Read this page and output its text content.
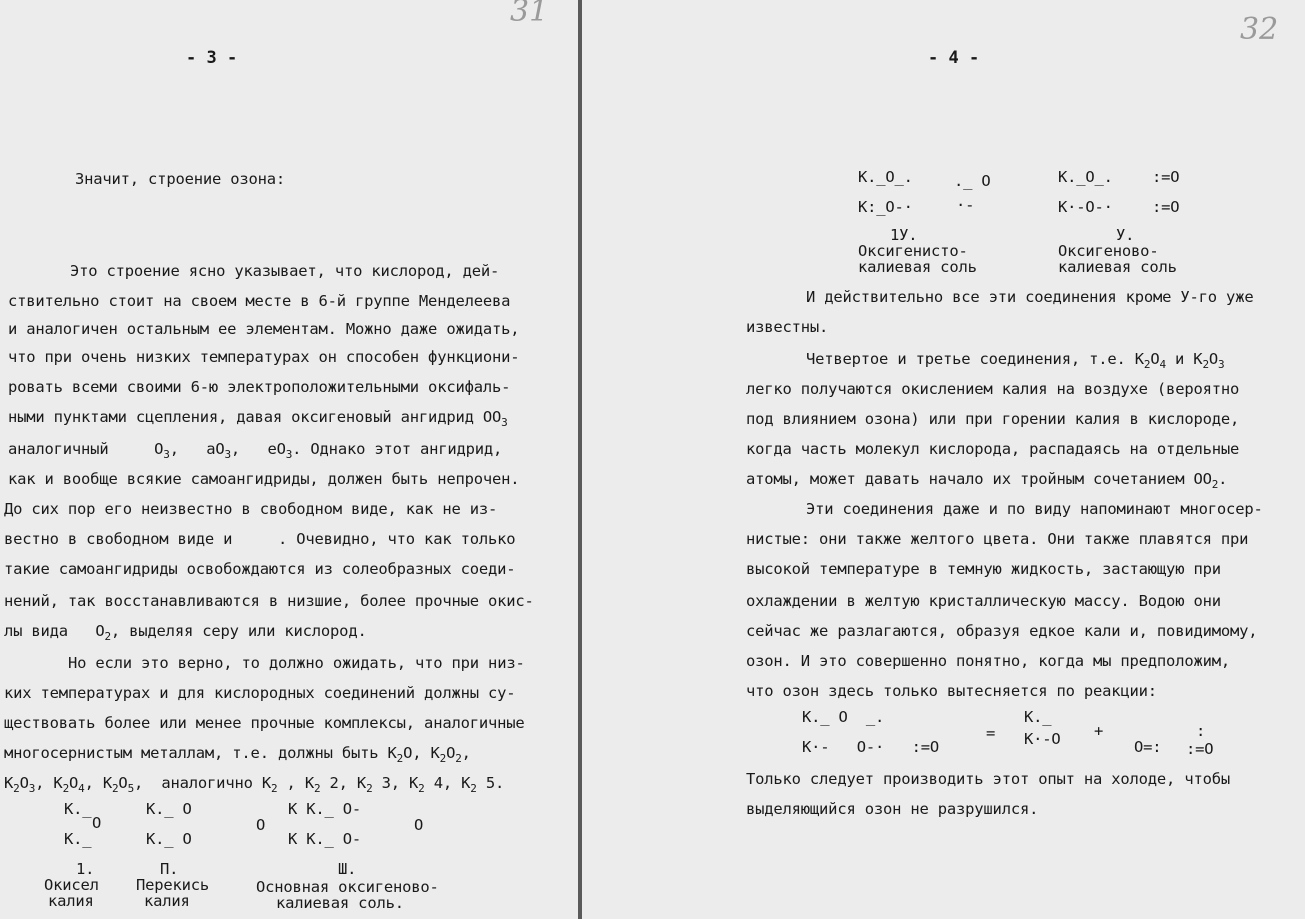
31
- 3 -
Значит, строение озона:
Это строение ясно указывает, что кислород, дей-
ствительно стоит на своем месте в 6-й группе Менделеева
и аналогичен остальным ее элементам. Можно даже ожидать,
что при очень низких температурах он способен функциони-
ровать всеми своими 6-ю электроположительными оксифаль-
ными пунктами сцепления, давая оксигеновый ангидрид $OO_3$
аналогичный     $O_3$,   $aO_3$,   $eO_3$. Однако этот ангидрид,
как и вообще всякие самоангидриды, должен быть непрочен.
До сих пор его неизвестно в свободном виде, как не из-
вестно в свободном виде и     . Очевидно, что как только
такие самоангидриды освобождаются из солеобразных соеди-
нений, так восстанавливаются в низшие, более прочные окис-
лы вида   $O_2$, выделяя серу или кислород.
Но если это верно, то должно ожидать, что при низ-
ких температурах и для кислородных соединений должны су-
ществовать более или менее прочные комплексы, аналогичные
многосернистым металлам, т.е. должны быть $K_2O$, $K_2O_2$,
$K_2O_3$, $K_2O_4$, $K_2O_5$,  аналогично $K_2$ , $K_2$ 2, $K_2$ 3, $K_2$ 4, $K_2$ 5.
K._
O
K._
K._ O
K._ O
O
K K._ O-
K K._ O-
O
1.	П.	Ш.
Окисел
калия
Перекись
калия
Основная оксигеново-
калиевая соль.
32
- 4 -
K._O_.	._ O
K:_O-·	·-
K._O_.	:=O
K·-O-·	:=O
1У.	У.
Оксигенисто-
калиевая соль
Оксигеново-
калиевая соль
И действительно все эти соединения кроме У-го уже
известны.
Четвертое и третье соединения, т.е. $K_2O_4$ и $K_2O_3$
легко получаются окислением калия на воздухе (вероятно
под влиянием озона) или при горении калия в кислороде,
когда часть молекул кислорода, распадаясь на отдельные
атомы, может давать начало их тройным сочетанием $OO_2$.
Эти соединения даже и по виду напоминают многосер-
нистые: они также желтого цвета. Они также плавятся при
высокой температуре в темную жидкость, застающую при
охлаждении в желтую кристаллическую массу. Водою они
сейчас же разлагаются, образуя едкое кали и, повидимому,
озон. И это совершенно понятно, когда мы предположим,
что озон здесь только вытесняется по реакции:
K._ O  _.
K·-   O-·   :=O
=
K._
K·-O +
O=:
:
:=O
Только следует производить этот опыт на холоде, чтобы
выделяющийся озон не разрушился.
